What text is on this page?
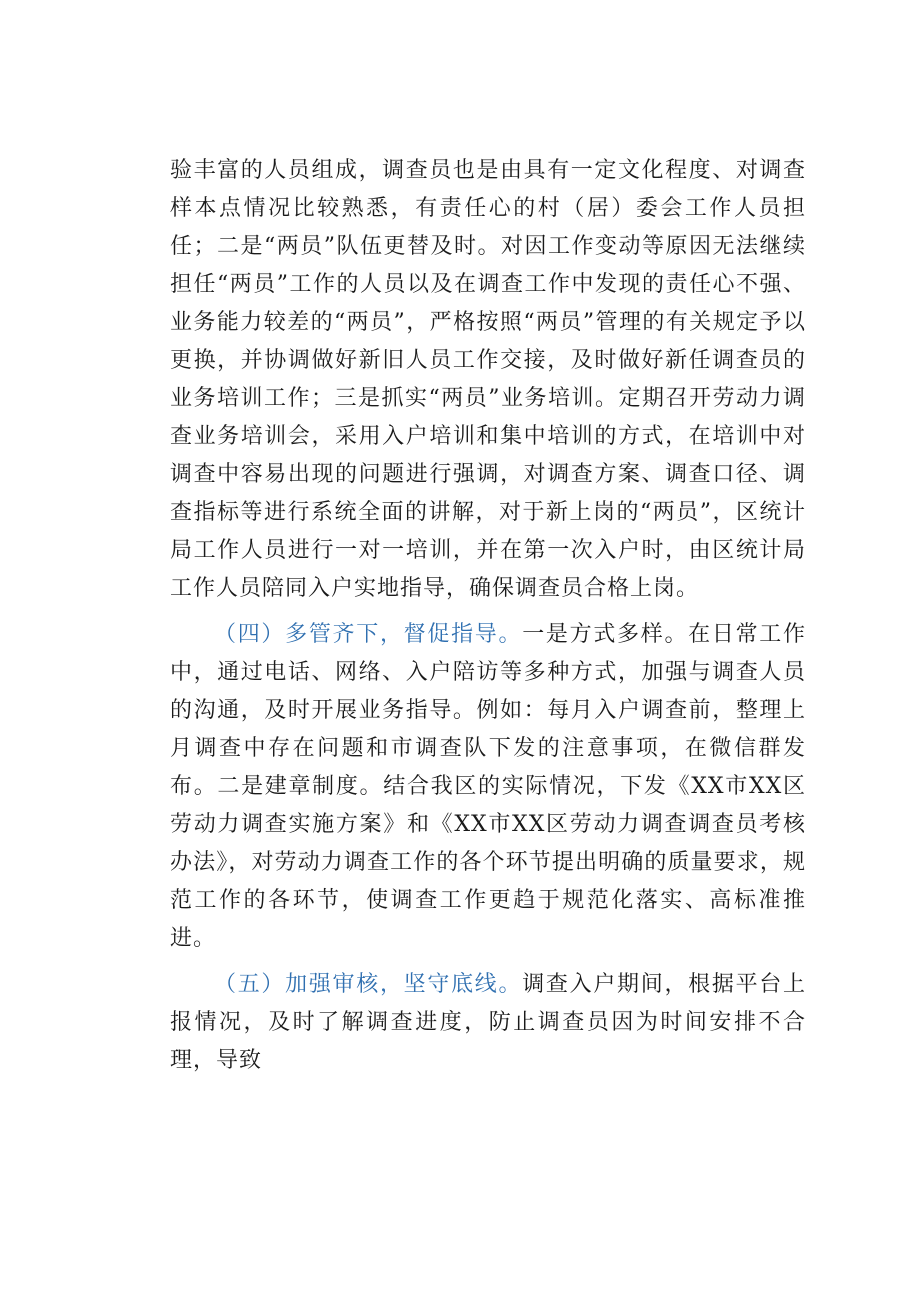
验丰富的人员组成，调查员也是由具有一定文化程度、对调查样本点情况比较熟悉，有责任心的村（居）委会工作人员担任；二是“两员”队伍更替及时。对因工作变动等原因无法继续担任“两员”工作的人员以及在调查工作中发现的责任心不强、业务能力较差的“两员”，严格按照“两员”管理的有关规定予以更换，并协调做好新旧人员工作交接，及时做好新任调查员的业务培训工作；三是抓实“两员”业务培训。定期召开劳动力调查业务培训会，采用入户培训和集中培训的方式，在培训中对调查中容易出现的问题进行强调，对调查方案、调查口径、调查指标等进行系统全面的讲解，对于新上岗的“两员”，区统计局工作人员进行一对一培训，并在第一次入户时，由区统计局工作人员陪同入户实地指导，确保调查员合格上岗。

（四）多管齐下，督促指导。一是方式多样。在日常工作中，通过电话、网络、入户陪访等多种方式，加强与调查人员的沟通，及时开展业务指导。例如：每月入户调查前，整理上月调查中存在问题和市调查队下发的注意事项，在微信群发布。二是建章制度。结合我区的实际情况，下发《XX市XX区劳动力调查实施方案》和《XX市XX区劳动力调查调查员考核办法》，对劳动力调查工作的各个环节提出明确的质量要求，规范工作的各环节，使调查工作更趋于规范化落实、高标准推进。

（五）加强审核，坚守底线。调查入户期间，根据平台上报情况，及时了解调查进度，防止调查员因为时间安排不合理，导致
